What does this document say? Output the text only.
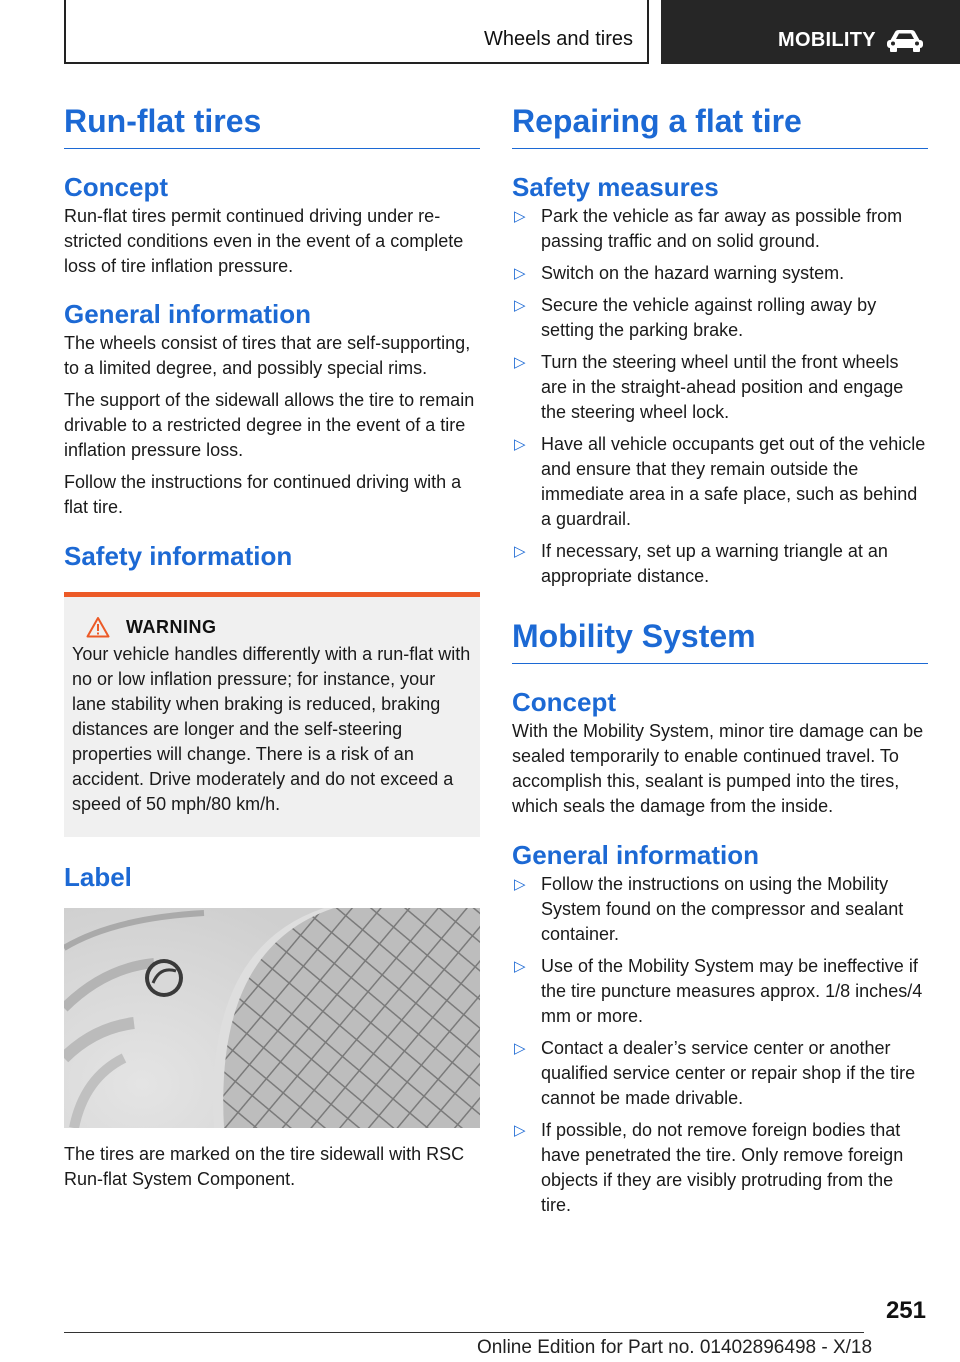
Wheels and tires	MOBILITY
Run-flat tires
Concept

Run-flat tires permit continued driving under restricted conditions even in the event of a complete loss of tire inflation pressure.

General information

The wheels consist of tires that are self-supporting, to a limited degree, and possibly special rims.

The support of the sidewall allows the tire to remain drivable to a restricted degree in the event of a tire inflation pressure loss.

Follow the instructions for continued driving with a flat tire.

Safety information
WARNING

Your vehicle handles differently with a run-flat with no or low inflation pressure; for instance, your lane stability when braking is reduced, braking distances are longer and the self-steering properties will change. There is a risk of an accident. Drive moderately and do not exceed a speed of 50 mph/80 km/h.

Label

The tires are marked on the tire sidewall with RSC Run-flat System Component.

Repairing a flat tire
Safety measures
▷ Park the vehicle as far away as possible from passing traffic and on solid ground.
▷ Switch on the hazard warning system.
▷ Secure the vehicle against rolling away by setting the parking brake.
▷ Turn the steering wheel until the front wheels are in the straight-ahead position and engage the steering wheel lock.
▷ Have all vehicle occupants get out of the vehicle and ensure that they remain outside the immediate area in a safe place, such as behind a guardrail.
▷ If necessary, set up a warning triangle at an appropriate distance.
Mobility System
Concept

With the Mobility System, minor tire damage can be sealed temporarily to enable continued travel. To accomplish this, sealant is pumped into the tires, which seals the damage from the inside.

General information
▷ Follow the instructions on using the Mobility System found on the compressor and sealant container.
▷ Use of the Mobility System may be ineffective if the tire puncture measures approx. 1/8 inches/4 mm or more.
▷ Contact a dealer’s service center or another qualified service center or repair shop if the tire cannot be made drivable.
▷ If possible, do not remove foreign bodies that have penetrated the tire. Only remove foreign objects if they are visibly protruding from the tire.
251
Online Edition for Part no. 01402896498 - X/18
